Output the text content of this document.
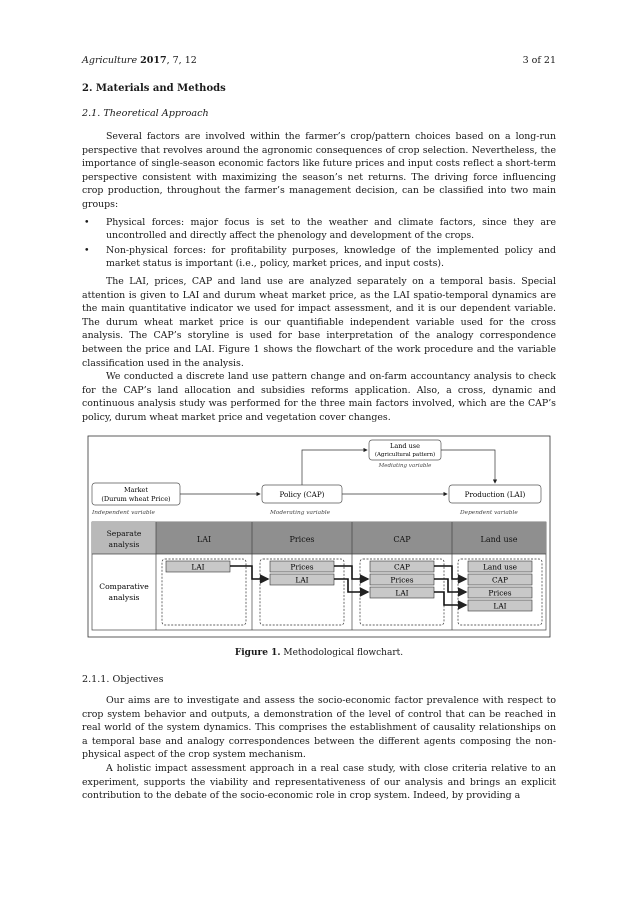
Agriculture 2017, 7, 12	3 of 21
2. Materials and Methods
2.1. Theoretical Approach

Several factors are involved within the farmer’s crop/pattern choices based on a long-run perspective that revolves around the agronomic consequences of crop selection. Nevertheless, the importance of single-season economic factors like future prices and input costs reflect a short-term perspective consistent with maximizing the season’s net returns. The driving force influencing crop production, throughout the farmer’s management decision, can be classified into two main groups:

• Physical forces: major focus is set to the weather and climate factors, since they are uncontrolled and directly affect the phenology and development of the crops.
• Non-physical forces: for profitability purposes, knowledge of the implemented policy and market status is important (i.e., policy, market prices, and input costs).

The LAI, prices, CAP and land use are analyzed separately on a temporal basis. Special attention is given to LAI and durum wheat market price, as the LAI spatio-temporal dynamics are the main quantitative indicator we used for impact assessment, and it is our dependent variable. The durum wheat market price is our quantifiable independent variable used for the cross analysis. The CAP’s storyline is used for base interpretation of the analogy correspondence between the price and LAI. Figure 1 shows the flowchart of the work procedure and the variable classification used in the analysis.

We conducted a discrete land use pattern change and on-farm accountancy analysis to check for the CAP’s land allocation and subsidies reforms application. Also, a cross, dynamic and continuous analysis study was performed for the three main factors involved, which are the CAP’s policy, durum wheat market price and vegetation cover changes.

Land use
(Agricultural pattern)
Mediating variable
Market
(Durum wheat Price)
Independent variable
Policy (CAP)
Moderating variable
Production (LAI)
Dependent variable
Separate
analysis
LAI	Prices	CAP	Land use
Comparative
analysis
LAI	Prices
LAI
CAP
Prices
LAI
Land use
CAP
Prices
LAI
Figure 1. Methodological flowchart.
2.1.1. Objectives

Our aims are to investigate and assess the socio-economic factor prevalence with respect to crop system behavior and outputs, a demonstration of the level of control that can be reached in real world of the system dynamics. This comprises the establishment of causality relationships on a temporal base and analogy correspondences between the different agents composing the non-physical aspect of the crop system mechanism.

A holistic impact assessment approach in a real case study, with close criteria relative to an experiment, supports the viability and representativeness of our analysis and brings an explicit contribution to the debate of the socio-economic role in crop system. Indeed, by providing a
